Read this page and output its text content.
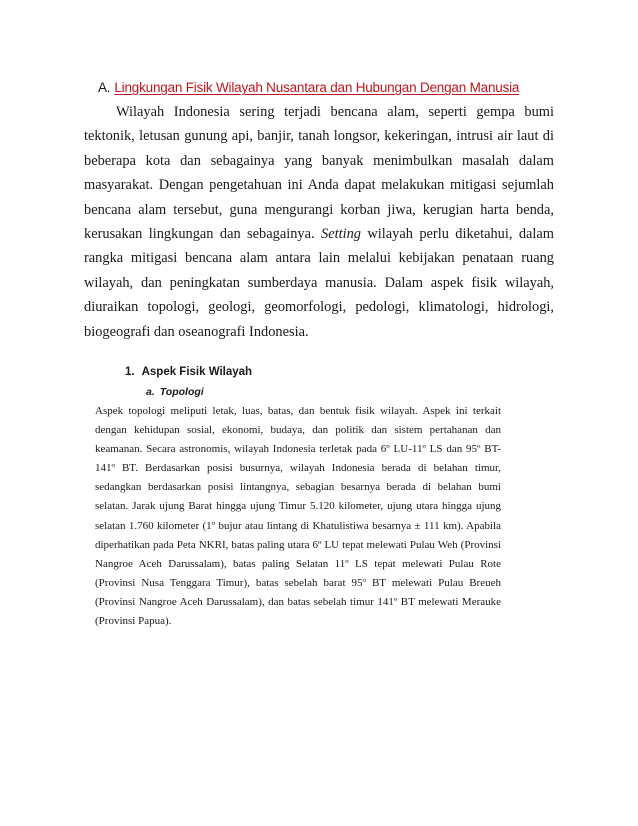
A. Lingkungan Fisik Wilayah Nusantara dan Hubungan Dengan Manusia

Wilayah Indonesia sering terjadi bencana alam, seperti gempa bumi tektonik, letusan gunung api, banjir, tanah longsor, kekeringan, intrusi air laut di beberapa kota dan sebagainya yang banyak menimbulkan masalah dalam masyarakat. Dengan pengetahuan ini Anda dapat melakukan mitigasi sejumlah bencana alam tersebut, guna mengurangi korban jiwa, kerugian harta benda, kerusakan lingkungan dan sebagainya. Setting wilayah perlu diketahui, dalam rangka mitigasi bencana alam antara lain melalui kebijakan penataan ruang wilayah, dan peningkatan sumberdaya manusia. Dalam aspek fisik wilayah, diuraikan topologi, geologi, geomorfologi, pedologi, klimatologi, hidrologi, biogeografi dan oseanografi Indonesia.

1. Aspek Fisik Wilayah
a. Topologi

Aspek topologi meliputi letak, luas, batas, dan bentuk fisik wilayah. Aspek ini terkait dengan kehidupan sosial, ekonomi, budaya, dan politik dan sistem pertahanan dan keamanan. Secara astronomis, wilayah Indonesia terletak pada 6º LU-11º LS dan 95º BT-141º BT. Berdasarkan posisi busurnya, wilayah Indonesia berada di belahan timur, sedangkan berdasarkan posisi lintangnya, sebagian besarnya berada di belahan bumi selatan. Jarak ujung Barat hingga ujung Timur 5.120 kilometer, ujung utara hingga ujung selatan 1.760 kilometer (1º bujur atau lintang di Khatulistiwa besarnya ± 111 km). Apabila diperhatikan pada Peta NKRI, batas paling utara 6º LU tepat melewati Pulau Weh (Provinsi Nangroe Aceh Darussalam), batas paling Selatan 11º LS tepat melewati Pulau Rote (Provinsi Nusa Tenggara Timur), batas sebelah barat 95º BT melewati Pulau Breueh (Provinsi Nangroe Aceh Darussalam), dan batas sebelah timur 141º BT melewati Merauke (Provinsi Papua).
